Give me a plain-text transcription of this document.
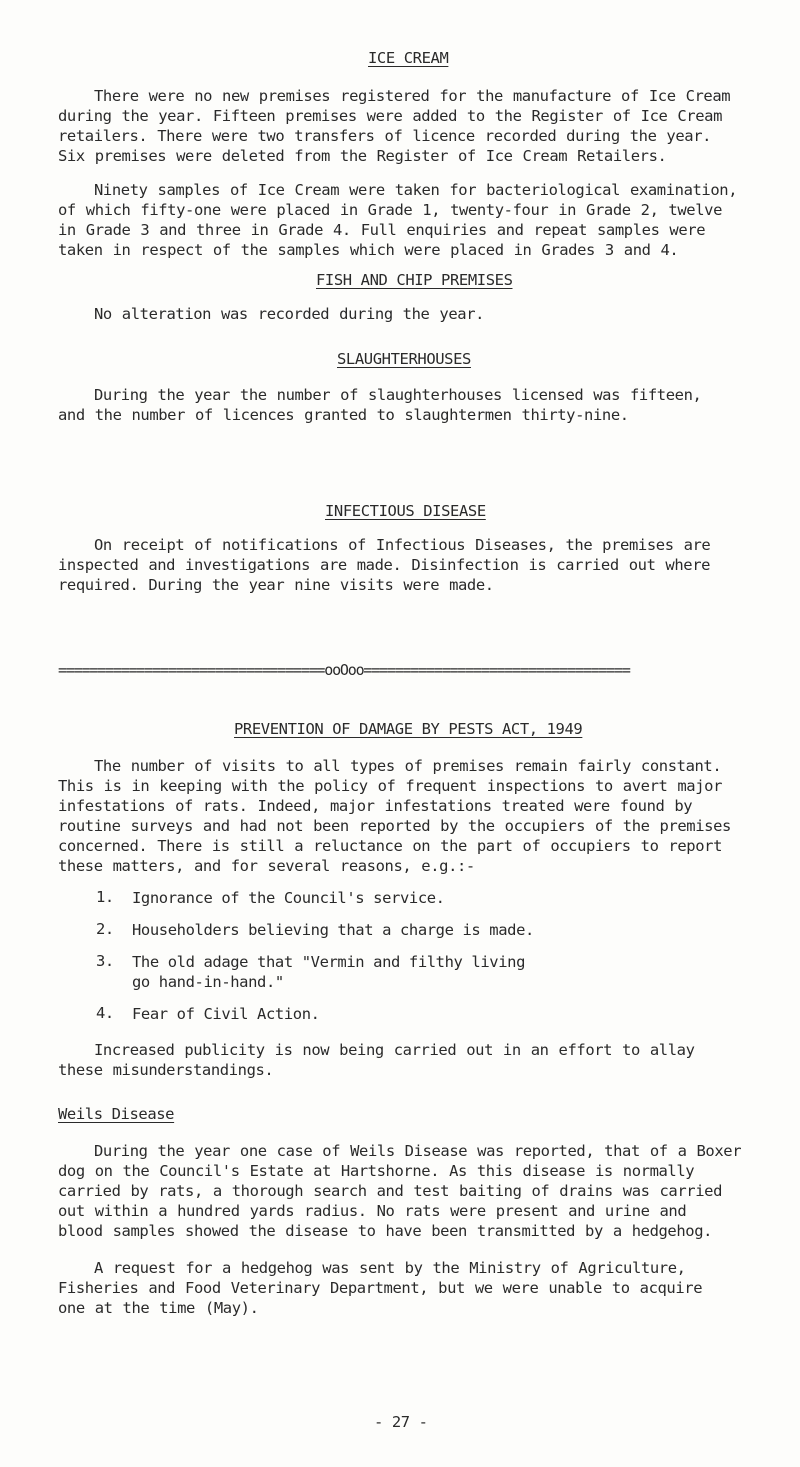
ICE CREAM
There were no new premises registered for the manufacture of Ice Cream
during the year. Fifteen premises were added to the Register of Ice Cream
retailers. There were two transfers of licence recorded during the year.
Six premises were deleted from the Register of Ice Cream Retailers.
Ninety samples of Ice Cream were taken for bacteriological examination,
of which fifty-one were placed in Grade 1, twenty-four in Grade 2, twelve
in Grade 3 and three in Grade 4. Full enquiries and repeat samples were
taken in respect of the samples which were placed in Grades 3 and 4.
FISH AND CHIP PREMISES
No alteration was recorded during the year.
SLAUGHTERHOUSES
During the year the number of slaughterhouses licensed was fifteen,
and the number of licences granted to slaughtermen thirty-nine.
INFECTIOUS DISEASE
On receipt of notifications of Infectious Diseases, the premises are
inspected and investigations are made. Disinfection is carried out where
required. During the year nine visits were made.
==================================ooOoo==================================
PREVENTION OF DAMAGE BY PESTS ACT, 1949
The number of visits to all types of premises remain fairly constant.
This is in keeping with the policy of frequent inspections to avert major
infestations of rats. Indeed, major infestations treated were found by
routine surveys and had not been reported by the occupiers of the premises
concerned. There is still a reluctance on the part of occupiers to report
these matters, and for several reasons, e.g.:-
1. Ignorance of the Council's service.
2. Householders believing that a charge is made.
3. The old adage that "Vermin and filthy living
go hand-in-hand."
4. Fear of Civil Action.
Increased publicity is now being carried out in an effort to allay
these misunderstandings.
Weils Disease
During the year one case of Weils Disease was reported, that of a Boxer
dog on the Council's Estate at Hartshorne. As this disease is normally
carried by rats, a thorough search and test baiting of drains was carried
out within a hundred yards radius. No rats were present and urine and
blood samples showed the disease to have been transmitted by a hedgehog.
A request for a hedgehog was sent by the Ministry of Agriculture,
Fisheries and Food Veterinary Department, but we were unable to acquire
one at the time (May).
- 27 -
